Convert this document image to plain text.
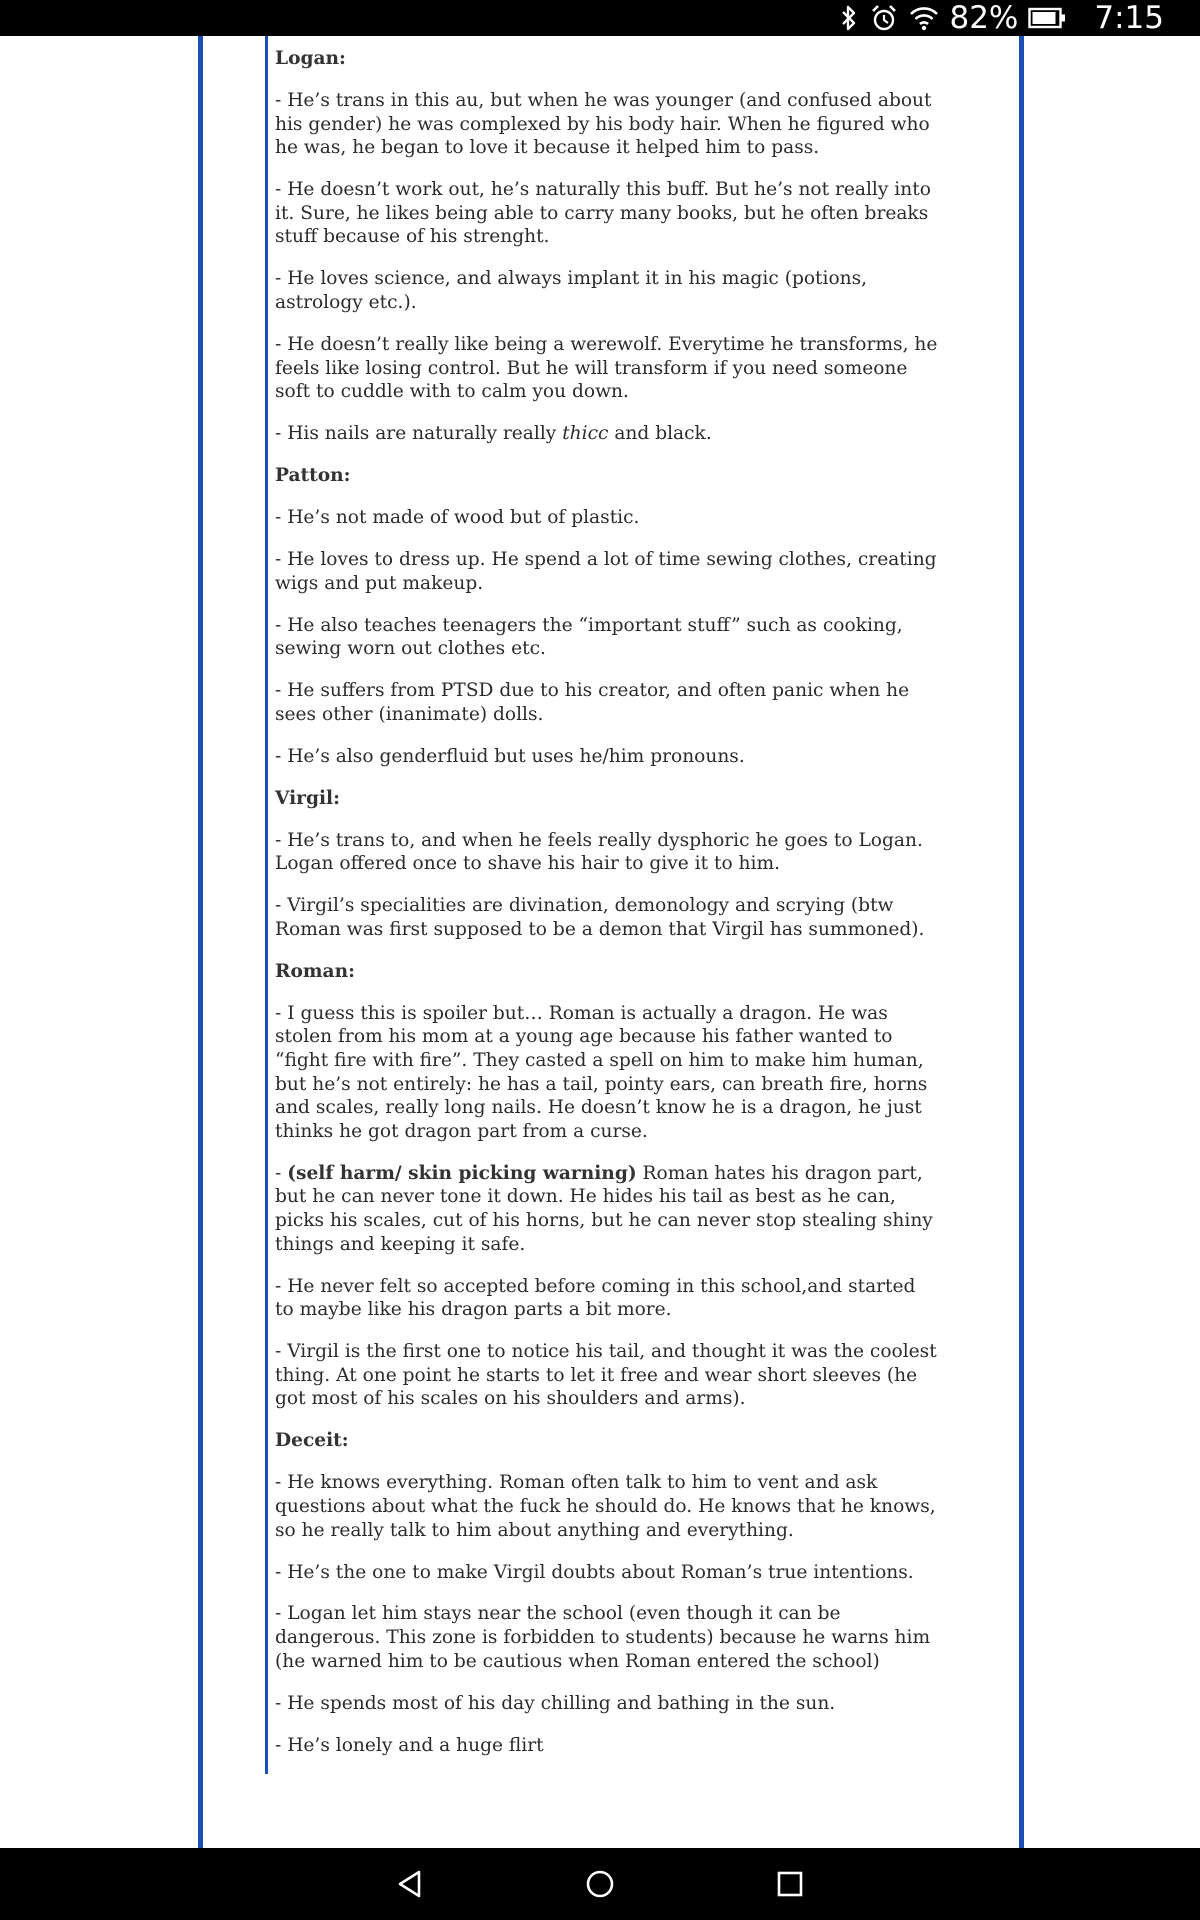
82% 7:15

Logan:

- He’s trans in this au, but when he was younger (and confused about his gender) he was complexed by his body hair. When he figured who he was, he began to love it because it helped him to pass.

- He doesn’t work out, he’s naturally this buff. But he’s not really into it. Sure, he likes being able to carry many books, but he often breaks stuff because of his strenght.

- He loves science, and always implant it in his magic (potions, astrology etc.).

- He doesn’t really like being a werewolf. Everytime he transforms, he feels like losing control. But he will transform if you need someone soft to cuddle with to calm you down.

- His nails are naturally really thicc and black.

Patton:

- He’s not made of wood but of plastic.

- He loves to dress up. He spend a lot of time sewing clothes, creating wigs and put makeup.

- He also teaches teenagers the “important stuff” such as cooking, sewing worn out clothes etc.

- He suffers from PTSD due to his creator, and often panic when he sees other (inanimate) dolls.

- He’s also genderfluid but uses he/him pronouns.

Virgil:

- He’s trans to, and when he feels really dysphoric he goes to Logan. Logan offered once to shave his hair to give it to him.

- Virgil’s specialities are divination, demonology and scrying (btw Roman was first supposed to be a demon that Virgil has summoned).

Roman:

- I guess this is spoiler but… Roman is actually a dragon. He was stolen from his mom at a young age because his father wanted to “fight fire with fire”. They casted a spell on him to make him human, but he’s not entirely: he has a tail, pointy ears, can breath fire, horns and scales, really long nails. He doesn’t know he is a dragon, he just thinks he got dragon part from a curse.

- (self harm/ skin picking warning) Roman hates his dragon part, but he can never tone it down. He hides his tail as best as he can, picks his scales, cut of his horns, but he can never stop stealing shiny things and keeping it safe.

- He never felt so accepted before coming in this school,and started to maybe like his dragon parts a bit more.

- Virgil is the first one to notice his tail, and thought it was the coolest thing. At one point he starts to let it free and wear short sleeves (he got most of his scales on his shoulders and arms).

Deceit:

- He knows everything. Roman often talk to him to vent and ask questions about what the fuck he should do. He knows that he knows, so he really talk to him about anything and everything.

- He’s the one to make Virgil doubts about Roman’s true intentions.

- Logan let him stays near the school (even though it can be dangerous. This zone is forbidden to students) because he warns him (he warned him to be cautious when Roman entered the school)

- He spends most of his day chilling and bathing in the sun.

- He’s lonely and a huge flirt
